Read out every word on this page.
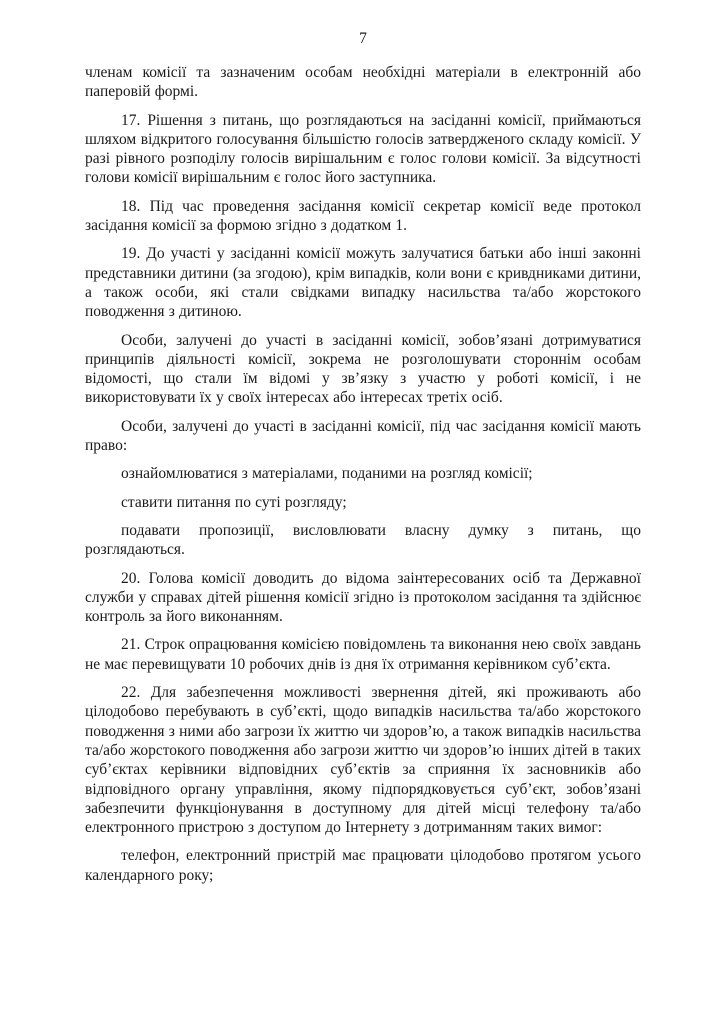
7

членам комісії та зазначеним особам необхідні матеріали в електронній або паперовій формі.

17. Рішення з питань, що розглядаються на засіданні комісії, приймаються шляхом відкритого голосування більшістю голосів затвердженого складу комісії. У разі рівного розподілу голосів вирішальним є голос голови комісії. За відсутності голови комісії вирішальним є голос його заступника.

18. Під час проведення засідання комісії секретар комісії веде протокол засідання комісії за формою згідно з додатком 1.

19. До участі у засіданні комісії можуть залучатися батьки або інші законні представники дитини (за згодою), крім випадків, коли вони є кривдниками дитини, а також особи, які стали свідками випадку насильства та/або жорстокого поводження з дитиною.

Особи, залучені до участі в засіданні комісії, зобов’язані дотримуватися принципів діяльності комісії, зокрема не розголошувати стороннім особам відомості, що стали їм відомі у зв’язку з участю у роботі комісії, і не використовувати їх у своїх інтересах або інтересах третіх осіб.

Особи, залучені до участі в засіданні комісії, під час засідання комісії мають право:

ознайомлюватися з матеріалами, поданими на розгляд комісії;

ставити питання по суті розгляду;

подавати пропозиції, висловлювати власну думку з питань, що розглядаються.

20. Голова комісії доводить до відома заінтересованих осіб та Державної служби у справах дітей рішення комісії згідно із протоколом засідання та здійснює контроль за його виконанням.

21. Строк опрацювання комісією повідомлень та виконання нею своїх завдань не має перевищувати 10 робочих днів із дня їх отримання керівником суб’єкта.

22. Для забезпечення можливості звернення дітей, які проживають або цілодобово перебувають в суб’єкті, щодо випадків насильства та/або жорстокого поводження з ними або загрози їх життю чи здоров’ю, а також випадків насильства та/або жорстокого поводження або загрози життю чи здоров’ю інших дітей в таких суб’єктах керівники відповідних суб’єктів за сприяння їх засновників або відповідного органу управління, якому підпорядковується суб’єкт, зобов’язані забезпечити функціонування в доступному для дітей місці телефону та/або електронного пристрою з доступом до Інтернету з дотриманням таких вимог:

телефон, електронний пристрій має працювати цілодобово протягом усього календарного року;
